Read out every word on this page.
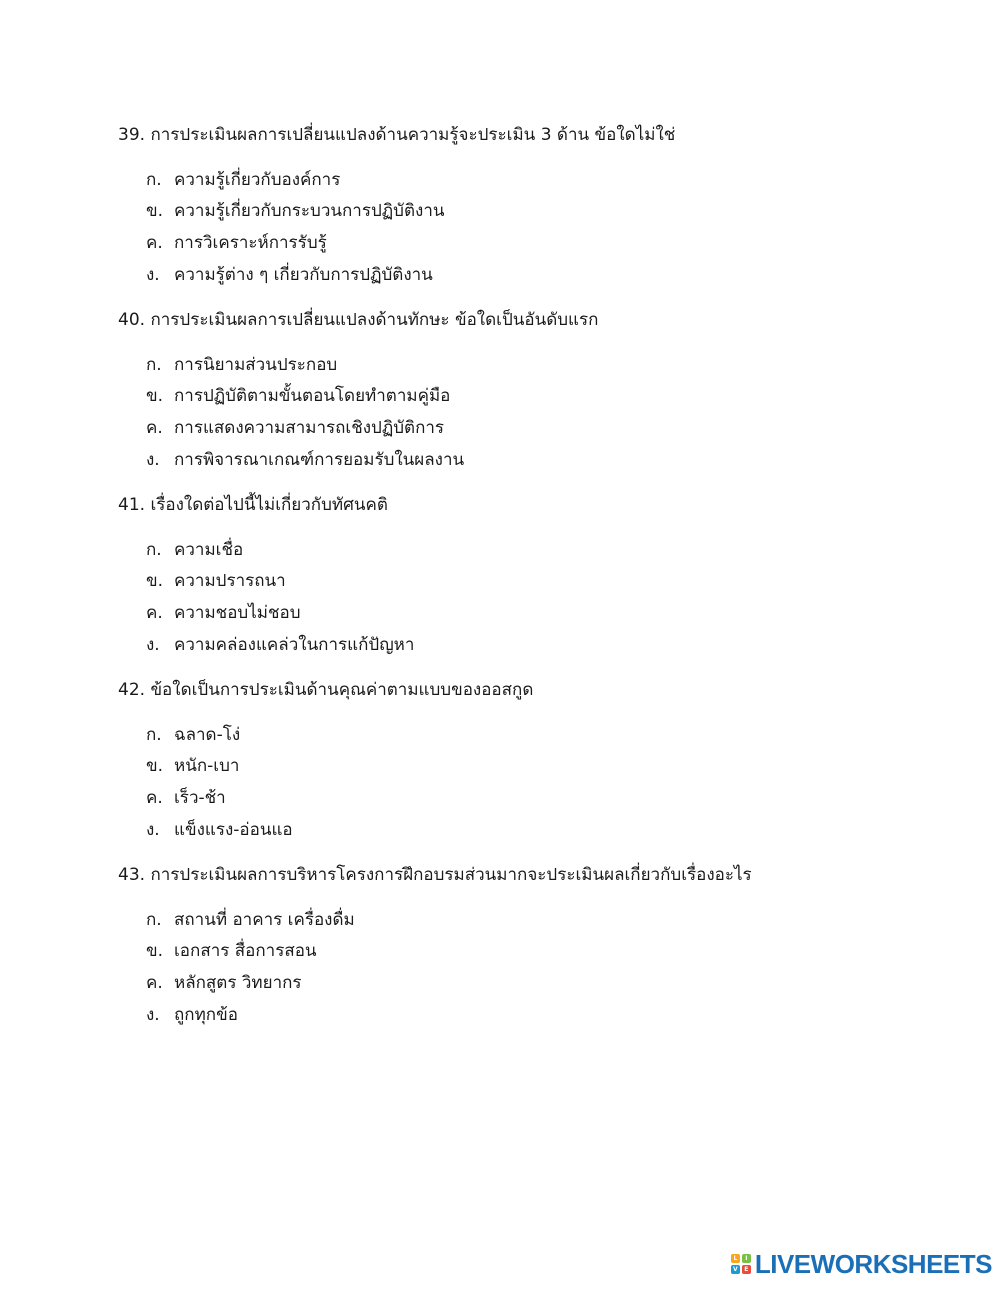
39. การประเมินผลการเปลี่ยนแปลงด้านความรู้จะประเมิน 3 ด้าน ข้อใดไม่ใช่
ก. ความรู้เกี่ยวกับองค์การ
ข. ความรู้เกี่ยวกับกระบวนการปฏิบัติงาน
ค. การวิเคราะห์การรับรู้
ง. ความรู้ต่าง ๆ เกี่ยวกับการปฏิบัติงาน
40. การประเมินผลการเปลี่ยนแปลงด้านทักษะ ข้อใดเป็นอันดับแรก
ก. การนิยามส่วนประกอบ
ข. การปฏิบัติตามขั้นตอนโดยทำตามคู่มือ
ค. การแสดงความสามารถเชิงปฏิบัติการ
ง. การพิจารณาเกณฑ์การยอมรับในผลงาน
41. เรื่องใดต่อไปนี้ไม่เกี่ยวกับทัศนคติ
ก. ความเชื่อ
ข. ความปรารถนา
ค. ความชอบไม่ชอบ
ง. ความคล่องแคล่วในการแก้ปัญหา
42. ข้อใดเป็นการประเมินด้านคุณค่าตามแบบของออสกูด
ก. ฉลาด-โง่
ข. หนัก-เบา
ค. เร็ว-ช้า
ง. แข็งแรง-อ่อนแอ
43. การประเมินผลการบริหารโครงการฝึกอบรมส่วนมากจะประเมินผลเกี่ยวกับเรื่องอะไร
ก. สถานที่ อาคาร เครื่องดื่ม
ข. เอกสาร สื่อการสอน
ค. หลักสูตร วิทยากร
ง. ถูกทุกข้อ
L	I
V	E LIVEWORKSHEETS
